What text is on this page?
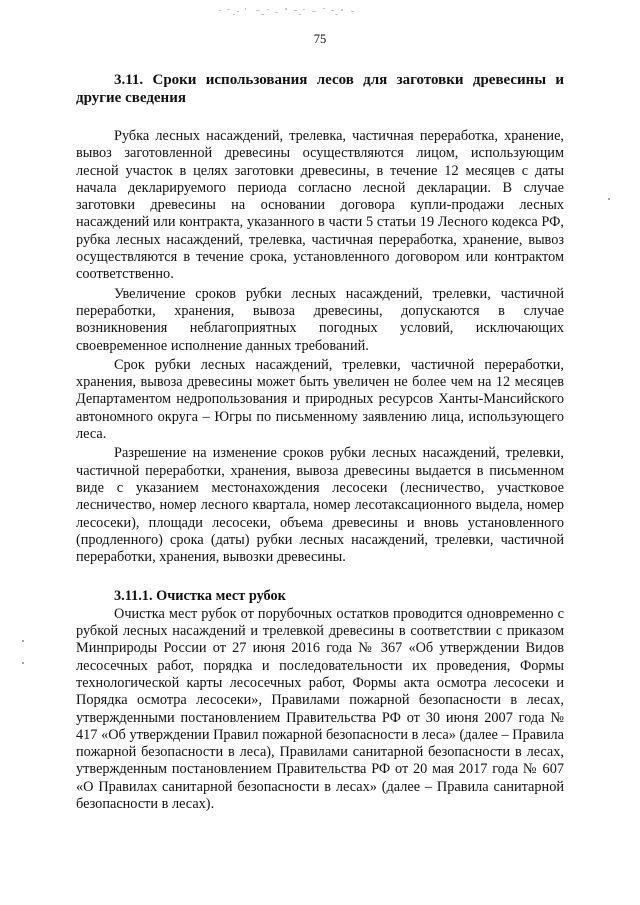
75
3.11. Сроки использования лесов для заготовки древесины и другие сведения

Рубка лесных насаждений, трелевка, частичная переработка, хранение, вывоз заготовленной древесины осуществляются лицом, использующим лесной участок в целях заготовки древесины, в течение 12 месяцев с даты начала декларируемого периода согласно лесной декларации. В случае заготовки древесины на основании договора купли-продажи лесных насаждений или контракта, указанного в части 5 статьи 19 Лесного кодекса РФ, рубка лесных насаждений, трелевка, частичная переработка, хранение, вывоз осуществляются в течение срока, установленного договором или контрактом соответственно.

Увеличение сроков рубки лесных насаждений, трелевки, частичной переработки, хранения, вывоза древесины, допускаются в случае возникновения неблагоприятных погодных условий, исключающих своевременное исполнение данных требований.

Срок рубки лесных насаждений, трелевки, частичной переработки, хранения, вывоза древесины может быть увеличен не более чем на 12 месяцев Департаментом недропользования и природных ресурсов Ханты-Мансийского автономного округа – Югры по письменному заявлению лица, использующего леса.

Разрешение на изменение сроков рубки лесных насаждений, трелевки, частичной переработки, хранения, вывоза древесины выдается в письменном виде с указанием местонахождения лесосеки (лесничество, участковое лесничество, номер лесного квартала, номер лесотаксационного выдела, номер лесосеки), площади лесосеки, объема древесины и вновь установленного (продленного) срока (даты) рубки лесных насаждений, трелевки, частичной переработки, хранения, вывозки древесины.

3.11.1. Очистка мест рубок

Очистка мест рубок от порубочных остатков проводится одновременно с рубкой лесных насаждений и трелевкой древесины в соответствии с приказом Минприроды России от 27 июня 2016 года № 367 «Об утверждении Видов лесосечных работ, порядка и последовательности их проведения, Формы технологической карты лесосечных работ, Формы акта осмотра лесосеки и Порядка осмотра лесосеки», Правилами пожарной безопасности в лесах, утвержденными постановлением Правительства РФ от 30 июня 2007 года № 417 «Об утверждении Правил пожарной безопасности в леса» (далее – Правила пожарной безопасности в леса), Правилами санитарной безопасности в лесах, утвержденным постановлением Правительства РФ от 20 мая 2017 года № 607 «О Правилах санитарной безопасности в лесах» (далее – Правила санитарной безопасности в лесах).
